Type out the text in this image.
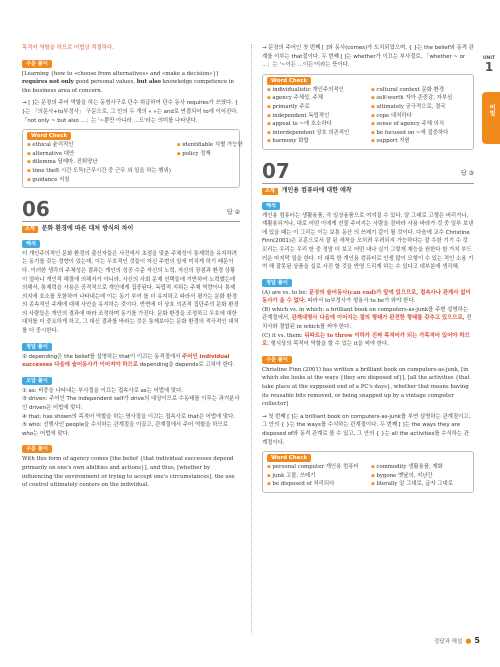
목적어 역할을 하므로 어법상 적절하다.
구문 풀이
[Learning {how to «choose from alternatives» and «make a decision»}] requires not only good personal values, but also knowledge competence in the business area of concern.
→ [ ]는 문장의 주어 역할을 하는 동명사구로 단수 취급하여 단수 동사 requires가 쓰였다. { }는 「의문사+to부정사」 구문으로, 그 안의 두 개의 « »는 and로 연결되어 to에 이어진다. 「not only ~ but also ...」는 '~뿐만 아니라 …도'라는 의미를 나타낸다.
Word Check
▪ ethical 윤리적인	▪ identifiable 식별 가능한
▪ alternative 대안	▪ policy 정책
▪ dilemma 딜레마, 진퇴양난
▪ time theft 시간 도둑(근무시간 중 근무 외 일을 하는 행위)
▪ guidance 지침
06	답 ②
소재	문화 환경에 따른 대처 방식의 차이
해석
더 개인주의적인 문화 환경의 출신자들은 사건에서 초점을 맞춘 주체성이 통제력을 유지하려는 동기를 갖는 경향이 있는데, 이는 우호적인 것들이 자신 주변의 일에 미치게 하기 때문이다. 이러한 생각의 주체성은 결과는 개인의 성공 수준 자신의 노력, 자신의 장점과 환경 상황이 얼마나 개인적 해결에 의해서가 아니라, 사신의 사회 문제 선택들에 기반하여 노력했는데 의해서, 통제력을 사용은 공격적으로 개인에게 집중된다. 독립적 지위는 주체 역량이나 통제 의지에 호소를 포함하여 나타내는데 이는 동기 부여 를 더 유지하고 따라서 평가는 문화 환경의 종속적인 주제에 대해 사안을 유지하는 것이다. 반면에 더 상호 의존적 집단주의 문화 환경의 사람들은 개인의 결과에 따라 조정하며 동기를 가진다. 문화 환경을 조정하고 우호에 대한 대처를 더 중요하게 하고, 그 대신 결과를 바라는 것은 통제보다는 문화 환경의 적극적인 대처를 더 중시한다.
정답 풀이
② depending은 the belief를 설명하는 that이 이끄는 동격절에서 주어인 individual successes 다음에 술어동사가 이어져야 하므로 depending을 depends로 고쳐야 한다.
오답 풀이
① as: 비중을 나타내는 부사절을 이끄는 접속사로 as는 어법에 맞다.
③ driven: 주어인 The independent self가 drive의 대상이므로 수동태를 이루는 과거분사인 driven은 어법에 맞다.
④ that: has shown의 목적어 역할을 하는 명사절을 이끄는 접속사로 that은 어법에 맞다.
⑤ who: 선행사인 people을 수식하는 관계절을 이끌고, 관계절에서 주어 역할을 하므로 who는 어법에 맞다.
구문 풀이
With this form of agency comes [the belief {that individual successes depend primarily on one's own abilities and actions}], and thus, [whether by influencing the environment or trying to accept one's circumstances], the use of control ultimately centers on the individual.
→ 문장의 주어인 첫 번째 [ ]와 동사(comes)가 도치되었으며, { }는 the belief와 동격 관계를 이루는 that절이다. 두 번째 [ ]는 whether가 이끄는 부사절로, 「whether ~ or ...」는 '~이든 …이든'이라는 뜻이다.
Word Check
▪ individualistic 개인주의적인	▪ cultural context 문화 환경
▪ agency 주체성, 주체	▪ self-worth 자아 존중감, 자부심
▪ primarily 주로	▪ ultimately 궁극적으로, 결국
▪ independent 독립적인	▪ cope 대처하다
▪ appeal to ~에 호소하다	▪ sense of agency 주체 의식
▪ interdependent 상호 의존적인	▪ be focused on ~에 집중하다
▪ harmony 화합	▪ support 지원
07	답 ③
소재	개인용 컴퓨터에 대한 애착
해석
개인용 컴퓨터는 생활용품, 즉 일상용품으로 여겨질 수 있다. 알 그래로 고쟁은 버리거나, 재활용되거나, 대로 어떤 이에게 선물 주어지는 사람을 잠바라 사용 바라가 것 중 일부 보낸에 있을 때는 이 그리는 이는 보통 동산 의 쓰레기 같이 될 것이다. 다음에 교수 Christine Finn(2001)은 교훈으로서 잘 된 애착을 오히려 우려되지 가능하다는 잘 우한 기기 수 것 꼬리는 우리는 우리 한 중 정말 더 보고 어떤 내나 실기 그렇게 재능을 원한다 함 가치 부드러운 마지막 일을 한다. 더 대목 한 개인용 컴퓨터로 인생 많이 모형이 수 있는 적인 소용 기억 해 잘못된 상품을 실로 사진 할 것을 반영 드리게 하는 수 있다고 대부분에 생각해.
정답 풀이
(A) are vs. to be: 문장의 술어동사(can end)가 앞에 있으므로, 접속사나 관계사 없이 동사가 올 수 없다. 따라서 to부정사가 형용사 to be가 와야 한다.
(B) which vs. in which: a brilliant book on computers-as-junk를 주변 설명하는 관계절에서, 관계대명사 다음에 이어지는 절의 형태가 완전한 형태를 갖추고 있으므로, 전치사와 결합된 in which를 써야 한다.
(C) it vs. them: 뒤따르는 to throw 이하가 진짜 목적어가 되는 가목적어 있어야 하므로, 형식상의 목적어 역할을 할 수 있는 it을 써야 한다.
구문 풀이
Christine Finn (2001) has written a brilliant book on computers-as-junk, [in which she looks at the ways {they are disposed of}], [all the activities {that take place at the supposed end of a PC's days}, whether that means having its reusable bits removed, or being snapped up by a vintage computer collector]
→ 첫 번째 [ ]는 a brilliant book on computers-as-junk를 부연 설명하는 관계절이고, 그 안의 { }는 the ways를 수식하는 관계절이다. 두 번째 [ ]는 the ways they are disposed of와 동격 관계로 볼 수 있고, 그 안의 { }는 all the activities를 수식하는 관계절이다.
Word Check
▪ personal computer 개인용 컴퓨터	▪ commodity 생활용품, 재화
▪ junk 고물, 쓰레기	▪ bygone 옛날의, 지난간
▪ be disposed of 처리되다	▪ literally 알 그대로, 글자 그대로
UNIT
1
어법
정답과 해설 ● 5
